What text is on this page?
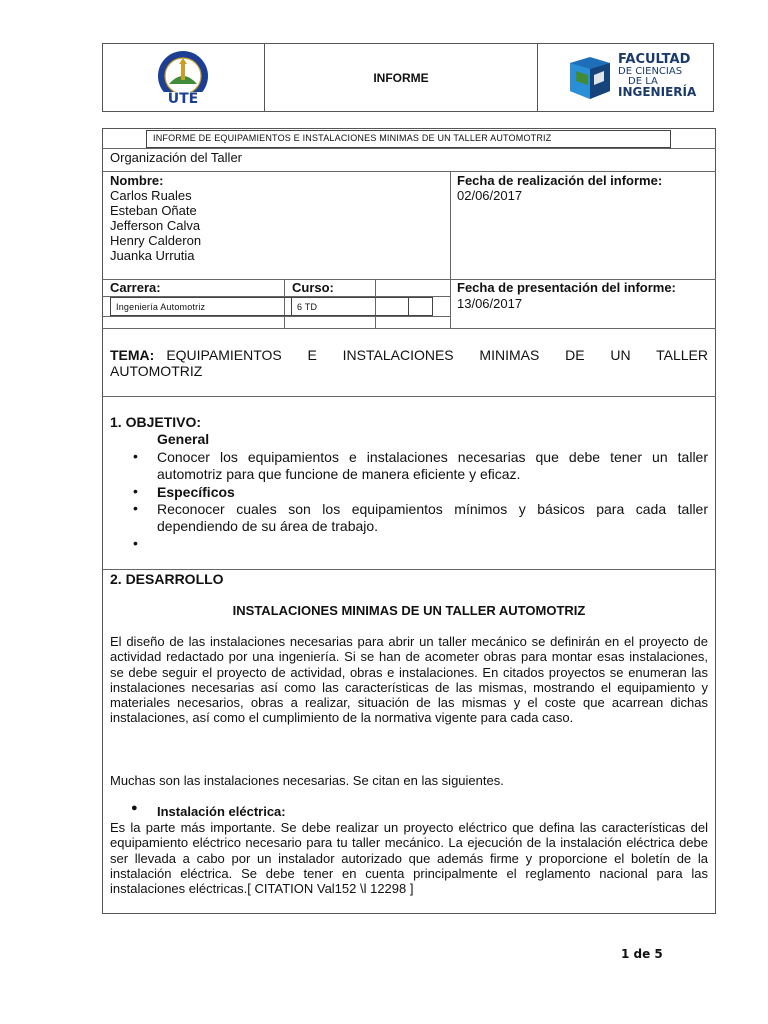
UTE
INFORME
FACULTAD
DE CIENCIAS
DE LA
INGENIERÍA
INFORME DE EQUIPAMIENTOS E INSTALACIONES MINIMAS DE UN TALLER AUTOMOTRIZ
Organización del Taller
Nombre:
Carlos Ruales
Esteban Oñate
Jefferson Calva
Henry Calderon
Juanka Urrutia
Fecha de realización del informe:
02/06/2017
Carrera:	Curso:
Ingeniería Automotriz	6 TD
Fecha de presentación del informe:
13/06/2017
TEMA: EQUIPAMIENTOS E INSTALACIONES MINIMAS DE UN TALLER
AUTOMOTRIZ
1. OBJETIVO:
General
• Conocer los equipamientos e instalaciones necesarias que debe tener un taller automotriz para que funcione de manera eficiente y eficaz.
• Específicos
• Reconocer cuales son los equipamientos mínimos y básicos para cada taller dependiendo de su área de trabajo.
•
2. DESARROLLO
INSTALACIONES MINIMAS DE UN TALLER AUTOMOTRIZ
El diseño de las instalaciones necesarias para abrir un taller mecánico se definirán en el proyecto de actividad redactado por una ingeniería. Si se han de acometer obras para montar esas instalaciones, se debe seguir el proyecto de actividad, obras e instalaciones. En citados proyectos se enumeran las instalaciones necesarias así como las características de las mismas, mostrando el equipamiento y materiales necesarios, obras a realizar, situación de las mismas y el coste que acarrean dichas instalaciones, así como el cumplimiento de la normativa vigente para cada caso.
Muchas son las instalaciones necesarias. Se citan en las siguientes.
● Instalación eléctrica:
Es la parte más importante. Se debe realizar un proyecto eléctrico que defina las características del equipamiento eléctrico necesario para tu taller mecánico. La ejecución de la instalación eléctrica debe ser llevada a cabo por un instalador autorizado que además firme y proporcione el boletín de la instalación eléctrica. Se debe tener en cuenta principalmente el reglamento nacional para las instalaciones eléctricas.[ CITATION Val152 \l 12298 ]
1 de 5
